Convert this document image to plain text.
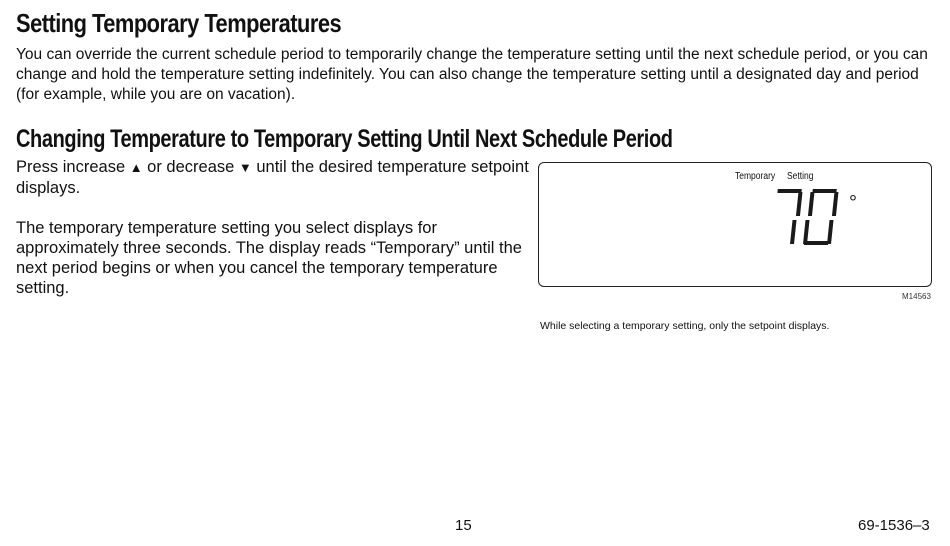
Setting Temporary Temperatures

You can override the current schedule period to temporarily change the temperature setting until the next schedule period, or you can change and hold the temperature setting indefinitely. You can also change the temperature setting until a designated day and period (for example, while you are on vacation).

Changing Temperature to Temporary Setting Until Next Schedule Period

Press increase ▲ or decrease ▼ until the desired temperature setpoint displays.

The temporary temperature setting you select displays for approximately three seconds. The display reads “Temporary” until the next period begins or when you cancel the temporary temperature setting.

Temporary Setting
°
M14563
While selecting a temporary setting, only the setpoint displays.
15	69-1536–3
